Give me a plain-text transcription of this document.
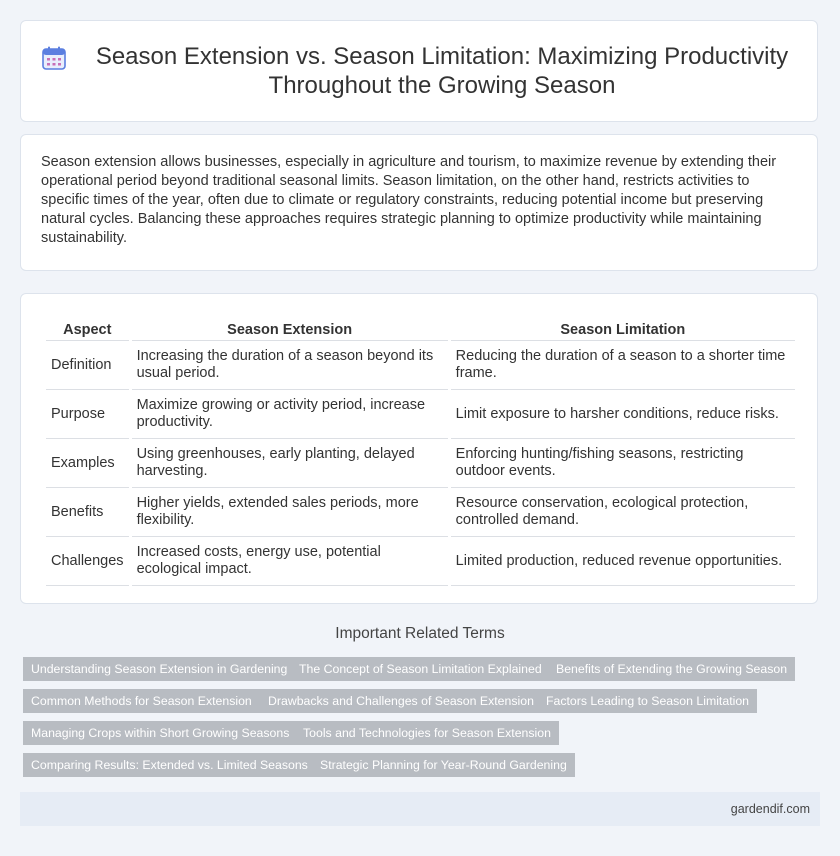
Season Extension vs. Season Limitation: Maximizing Productivity Throughout the Growing Season

Season extension allows businesses, especially in agriculture and tourism, to maximize revenue by extending their operational period beyond traditional seasonal limits. Season limitation, on the other hand, restricts activities to specific times of the year, often due to climate or regulatory constraints, reducing potential income but preserving natural cycles. Balancing these approaches requires strategic planning to optimize productivity while maintaining sustainability.

Aspect	Season Extension	Season Limitation
Definition	Increasing the duration of a season beyond its usual period.	Reducing the duration of a season to a shorter time frame.
Purpose	Maximize growing or activity period, increase productivity.	Limit exposure to harsher conditions, reduce risks.
Examples	Using greenhouses, early planting, delayed harvesting.	Enforcing hunting/fishing seasons, restricting outdoor events.
Benefits	Higher yields, extended sales periods, more flexibility.	Resource conservation, ecological protection, controlled demand.
Challenges	Increased costs, energy use, potential ecological impact.	Limited production, reduced revenue opportunities.
Important Related Terms
Understanding Season Extension in Gardening The Concept of Season Limitation Explained	Benefits of Extending the Growing Season
Common Methods for Season Extension	Drawbacks and Challenges of Season Extension Factors Leading to Season Limitation
Managing Crops within Short Growing Seasons	Tools and Technologies for Season Extension
Comparing Results: Extended vs. Limited Seasons Strategic Planning for Year-Round Gardening
gardendif.com
